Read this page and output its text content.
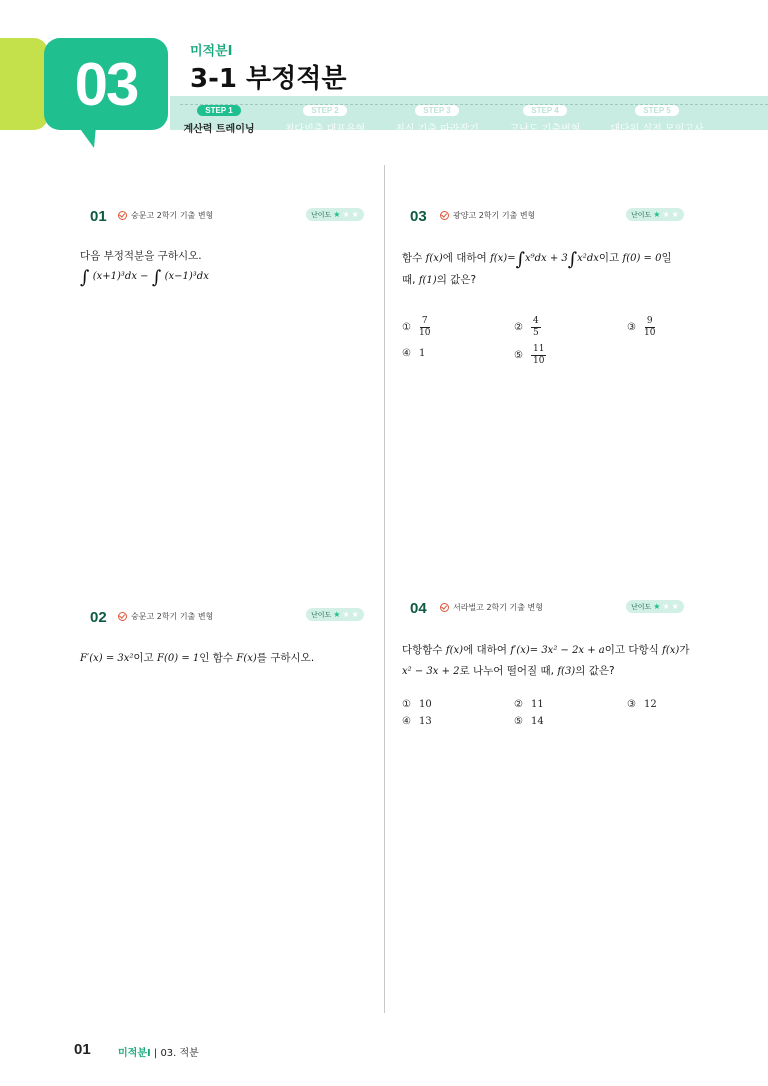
03	미적분I
3-1 부정적분
STEP 1
계산력 트레이닝
STEP 2
최다빈출 대표유형
STEP 3
최신 기출 따라잡기
STEP 4
고난도 기출변형
STEP 5
대단원 실전 모의고사
01	숭문고 2학기 기출 변형	난이도 ★ ★ ★
다음 부정적분을 구하시오.
∫ (x+1)³dx − ∫ (x−1)³dx
02	숭문고 2학기 기출 변형	난이도 ★ ★ ★
F′(x) = 3x²이고 F(0) = 1인 함수 F(x)를 구하시오.
03	광양고 2학기 기출 변형	난이도 ★ ★ ★
함수 f(x)에 대하여 f(x)=∫x⁹dx + 3∫x²dx이고 f(0) = 0일
때, f(1)의 값은?
① $\frac{7}{10}$	② $\frac{4}{5}$	③ $\frac{9}{10}$
④ 1	⑤ $\frac{11}{10}$
04	서라벌고 2학기 기출 변형	난이도 ★ ★ ★
다항함수 f(x)에 대하여 f′(x)= 3x² − 2x + a이고 다항식 f(x)가
x² − 3x + 2로 나누어 떨어질 때, f(3)의 값은?
① 10	② 11	③ 12
④ 13	⑤ 14
01	미적분I | 03. 적분
